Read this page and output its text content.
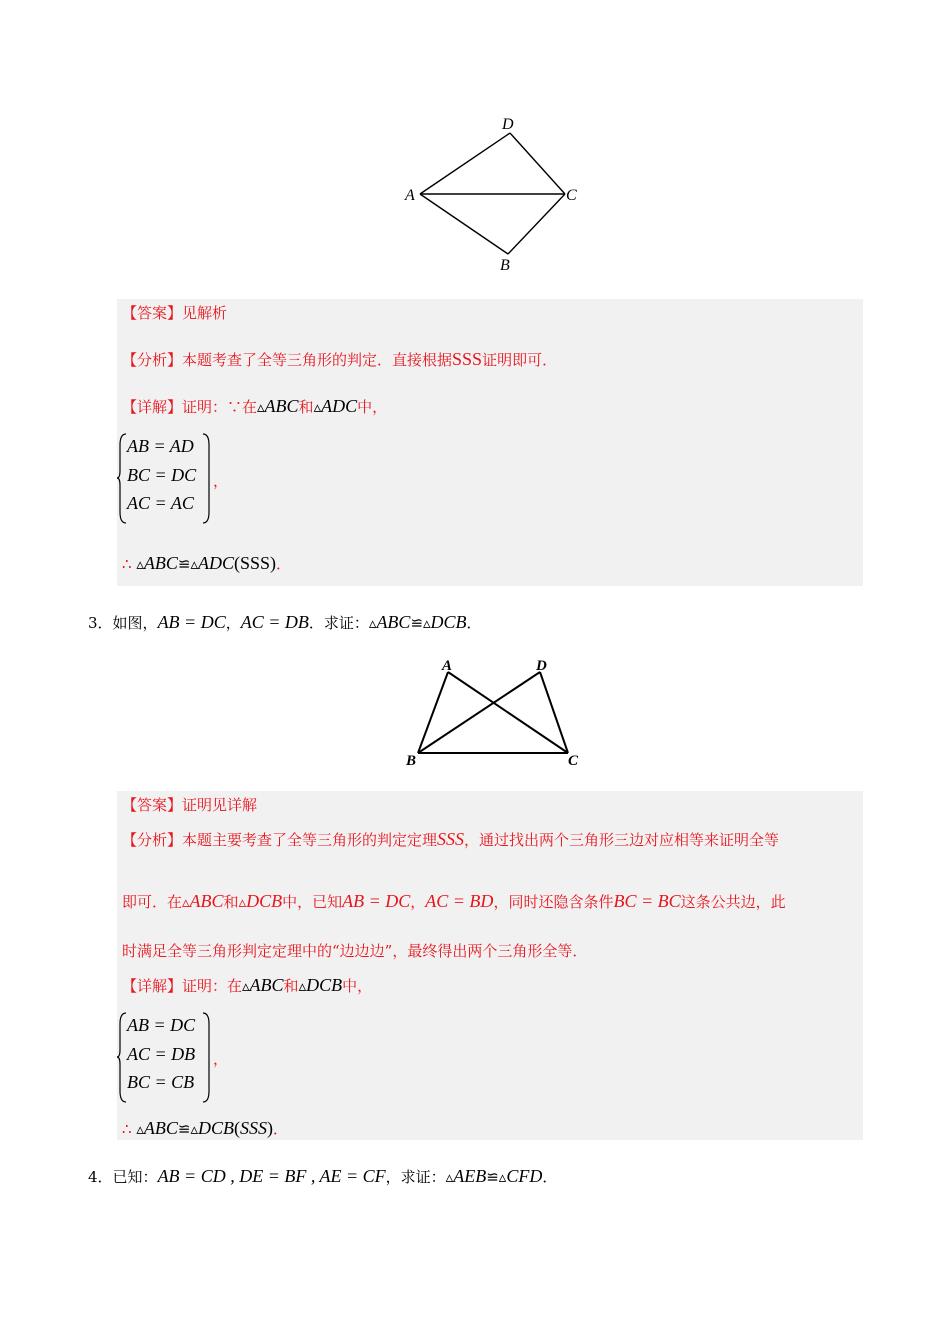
D
A	C
B
【答案】见解析
【分析】本题考查了全等三角形的判定．直接根据SSS证明即可．
【详解】证明：∵在▵ABC和▵ADC中，
AB = AD
BC = DC
AC = AC
，
∴ ▵ABC≌▵ADC(SSS)．
3．如图，AB = DC，AC = DB．求证：▵ABC≌▵DCB．
A	D
B	C
【答案】证明见详解
【分析】本题主要考查了全等三角形的判定定理SSS，通过找出两个三角形三边对应相等来证明全等
即可．在▵ABC和▵DCB中，已知AB = DC，AC = BD，同时还隐含条件BC = BC这条公共边，此
时满足全等三角形判定定理中的“边边边”，最终得出两个三角形全等．
【详解】证明：在▵ABC和▵DCB中，
AB = DC
AC = DB
BC = CB
，
∴ ▵ABC≌▵DCB(SSS)．
4．已知：AB = CD , DE = BF , AE = CF，求证：▵AEB≌▵CFD．
